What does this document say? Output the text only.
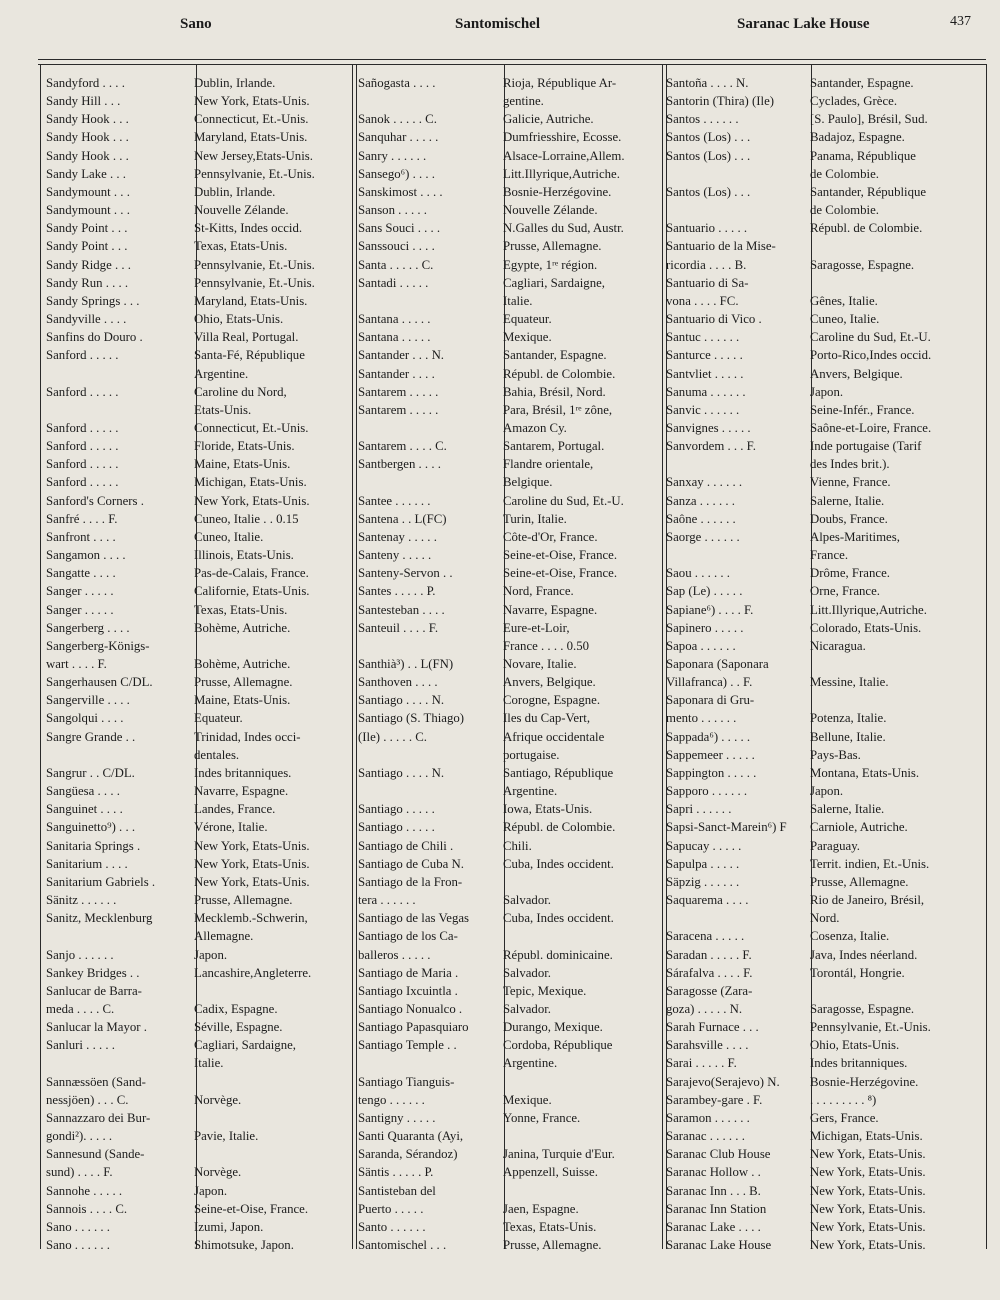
Sano	Santomischel	Saranac Lake House	437
Sandyford . . . .	Dublin, Irlande.
Sandy Hill . . .	New York, Etats-Unis.
Sandy Hook . . .	Connecticut, Et.-Unis.
Sandy Hook . . .	Maryland, Etats-Unis.
Sandy Hook . . .	New Jersey,Etats-Unis.
Sandy Lake . . .	Pennsylvanie, Et.-Unis.
Sandymount . . .	Dublin, Irlande.
Sandymount . . .	Nouvelle Zélande.
Sandy Point . . .	St-Kitts, Indes occid.
Sandy Point . . .	Texas, Etats-Unis.
Sandy Ridge . . .	Pennsylvanie, Et.-Unis.
Sandy Run . . . .	Pennsylvanie, Et.-Unis.
Sandy Springs . . .	Maryland, Etats-Unis.
Sandyville . . . .	Ohio, Etats-Unis.
Sanfins do Douro .	Villa Real, Portugal.
Sanford . . . . .	Santa-Fé, République
Argentine.
Sanford . . . . .	Caroline du Nord,
Etats-Unis.
Sanford . . . . .	Connecticut, Et.-Unis.
Sanford . . . . .	Floride, Etats-Unis.
Sanford . . . . .	Maine, Etats-Unis.
Sanford . . . . .	Michigan, Etats-Unis.
Sanford's Corners .	New York, Etats-Unis.
Sanfré . . . . F.	Cuneo, Italie . . 0.15
Sanfront . . . .	Cuneo, Italie.
Sangamon . . . .	Illinois, Etats-Unis.
Sangatte . . . .	Pas-de-Calais, France.
Sanger . . . . .	Californie, Etats-Unis.
Sanger . . . . .	Texas, Etats-Unis.
Sangerberg . . . .	Bohème, Autriche.
Sangerberg-Königs-
wart . . . . F.	Bohème, Autriche.
Sangerhausen C/DL.	Prusse, Allemagne.
Sangerville . . . .	Maine, Etats-Unis.
Sangolqui . . . .	Equateur.
Sangre Grande . .	Trinidad, Indes occi-
dentales.
Sangrur . . C/DL.	Indes britanniques.
Sangüesa . . . .	Navarre, Espagne.
Sanguinet . . . .	Landes, France.
Sanguinetto⁹) . . .	Vérone, Italie.
Sanitaria Springs .	New York, Etats-Unis.
Sanitarium . . . .	New York, Etats-Unis.
Sanitarium Gabriels .	New York, Etats-Unis.
Sänitz . . . . . .	Prusse, Allemagne.
Sanitz, Mecklenburg	Mecklemb.-Schwerin,
Allemagne.
Sanjo . . . . . .	Japon.
Sankey Bridges . .	Lancashire,Angleterre.
Sanlucar de Barra-
meda . . . . C.	Cadix, Espagne.
Sanlucar la Mayor .	Séville, Espagne.
Sanluri . . . . .	Cagliari, Sardaigne,
Italie.
Sannæssöen (Sand-
nessjöen) . . . C.	Norvège.
Sannazzaro dei Bur-
gondi²). . . . .	Pavie, Italie.
Sannesund (Sande-
sund) . . . . F.	Norvège.
Sannohe . . . . .	Japon.
Sannois . . . . C.	Seine-et-Oise, France.
Sano . . . . . .	Izumi, Japon.
Sano . . . . . .	Shimotsuke, Japon.
Sañogasta . . . .	Rioja, République Ar-
gentine.
Sanok . . . . . C.	Galicie, Autriche.
Sanquhar . . . . .	Dumfriesshire, Ecosse.
Sanry . . . . . .	Alsace-Lorraine,Allem.
Sansego⁶) . . . .	Litt.Illyrique,Autriche.
Sanskimost . . . .	Bosnie-Herzégovine.
Sanson . . . . .	Nouvelle Zélande.
Sans Souci . . . .	N.Galles du Sud, Austr.
Sanssouci . . . .	Prusse, Allemagne.
Santa . . . . . C.	Egypte, 1ʳᵉ région.
Santadi . . . . .	Cagliari, Sardaigne,
Italie.
Santana . . . . .	Equateur.
Santana . . . . .	Mexique.
Santander . . . N.	Santander, Espagne.
Santander . . . .	Républ. de Colombie.
Santarem . . . . .	Bahia, Brésil, Nord.
Santarem . . . . .	Para, Brésil, 1ʳᵉ zône,
Amazon Cy.
Santarem . . . . C.	Santarem, Portugal.
Santbergen . . . .	Flandre orientale,
Belgique.
Santee . . . . . .	Caroline du Sud, Et.-U.
Santena . . L(FC)	Turin, Italie.
Santenay . . . . .	Côte-d'Or, France.
Santeny . . . . .	Seine-et-Oise, France.
Santeny-Servon . .	Seine-et-Oise, France.
Santes . . . . . P.	Nord, France.
Santesteban . . . .	Navarre, Espagne.
Santeuil . . . . F.	Eure-et-Loir,
France . . . . 0.50
Santhià³) . . L(FN)	Novare, Italie.
Santhoven . . . .	Anvers, Belgique.
Santiago . . . . N.	Corogne, Espagne.
Santiago (S. Thiago)	Iles du Cap-Vert,
(Ile) . . . . . C.	Afrique occidentale
portugaise.
Santiago . . . . N.	Santiago, République
Argentine.
Santiago . . . . .	Iowa, Etats-Unis.
Santiago . . . . .	Républ. de Colombie.
Santiago de Chili .	Chili.
Santiago de Cuba N.	Cuba, Indes occident.
Santiago de la Fron-
tera . . . . . .	Salvador.
Santiago de las Vegas	Cuba, Indes occident.
Santiago de los Ca-
balleros . . . . .	Républ. dominicaine.
Santiago de Maria .	Salvador.
Santiago Ixcuintla .	Tepic, Mexique.
Santiago Nonualco .	Salvador.
Santiago Papasquiaro	Durango, Mexique.
Santiago Temple . .	Cordoba, République
Argentine.
Santiago Tianguis-
tengo . . . . . .	Mexique.
Santigny . . . . .	Yonne, France.
Santi Quaranta (Ayi,
Saranda, Sérandoz)	Janina, Turquie d'Eur.
Säntis . . . . . P.	Appenzell, Suisse.
Santisteban del
Puerto . . . . .	Jaen, Espagne.
Santo . . . . . .	Texas, Etats-Unis.
Santomischel . . .	Prusse, Allemagne.
Santoña . . . . N.	Santander, Espagne.
Santorin (Thira) (Ile)	Cyclades, Grèce.
Santos . . . . . .	[S. Paulo], Brésil, Sud.
Santos (Los) . . .	Badajoz, Espagne.
Santos (Los) . . .	Panama, République
de Colombie.
Santos (Los) . . .	Santander, République
de Colombie.
Santuario . . . . .	Républ. de Colombie.
Santuario de la Mise-
ricordia . . . . B.	Saragosse, Espagne.
Santuario di Sa-
vona . . . . FC.	Gênes, Italie.
Santuario di Vico .	Cuneo, Italie.
Santuc . . . . . .	Caroline du Sud, Et.-U.
Santurce . . . . .	Porto-Rico,Indes occid.
Santvliet . . . . .	Anvers, Belgique.
Sanuma . . . . . .	Japon.
Sanvic . . . . . .	Seine-Infér., France.
Sanvignes . . . . .	Saône-et-Loire, France.
Sanvordem . . . F.	Inde portugaise (Tarif
des Indes brit.).
Sanxay . . . . . .	Vienne, France.
Sanza . . . . . .	Salerne, Italie.
Saône . . . . . .	Doubs, France.
Saorge . . . . . .	Alpes-Maritimes,
France.
Saou . . . . . .	Drôme, France.
Sap (Le) . . . . .	Orne, France.
Sapiane⁶) . . . . F.	Litt.Illyrique,Autriche.
Sapinero . . . . .	Colorado, Etats-Unis.
Sapoa . . . . . .	Nicaragua.
Saponara (Saponara
Villafranca) . . F.	Messine, Italie.
Saponara di Gru-
mento . . . . . .	Potenza, Italie.
Sappada⁶) . . . . .	Bellune, Italie.
Sappemeer . . . . .	Pays-Bas.
Sappington . . . . .	Montana, Etats-Unis.
Sapporo . . . . . .	Japon.
Sapri . . . . . .	Salerne, Italie.
Sapsi-Sanct-Marein⁶) F	Carniole, Autriche.
Sapucay . . . . .	Paraguay.
Sapulpa . . . . .	Territ. indien, Et.-Unis.
Säpzig . . . . . .	Prusse, Allemagne.
Saquarema . . . .	Rio de Janeiro, Brésil,
Nord.
Saracena . . . . .	Cosenza, Italie.
Saradan . . . . . F.	Java, Indes néerland.
Sárafalva . . . . F.	Torontál, Hongrie.
Saragosse (Zara-
goza) . . . . . N.	Saragosse, Espagne.
Sarah Furnace . . .	Pennsylvanie, Et.-Unis.
Sarahsville . . . .	Ohio, Etats-Unis.
Sarai . . . . . F.	Indes britanniques.
Sarajevo(Serajevo) N.	Bosnie-Herzégovine.
Sarambey-gare . F.	. . . . . . . . . ⁸)
Saramon . . . . . .	Gers, France.
Saranac . . . . . .	Michigan, Etats-Unis.
Saranac Club House	New York, Etats-Unis.
Saranac Hollow . .	New York, Etats-Unis.
Saranac Inn . . . B.	New York, Etats-Unis.
Saranac Inn Station	New York, Etats-Unis.
Saranac Lake . . . .	New York, Etats-Unis.
Saranac Lake House	New York, Etats-Unis.
